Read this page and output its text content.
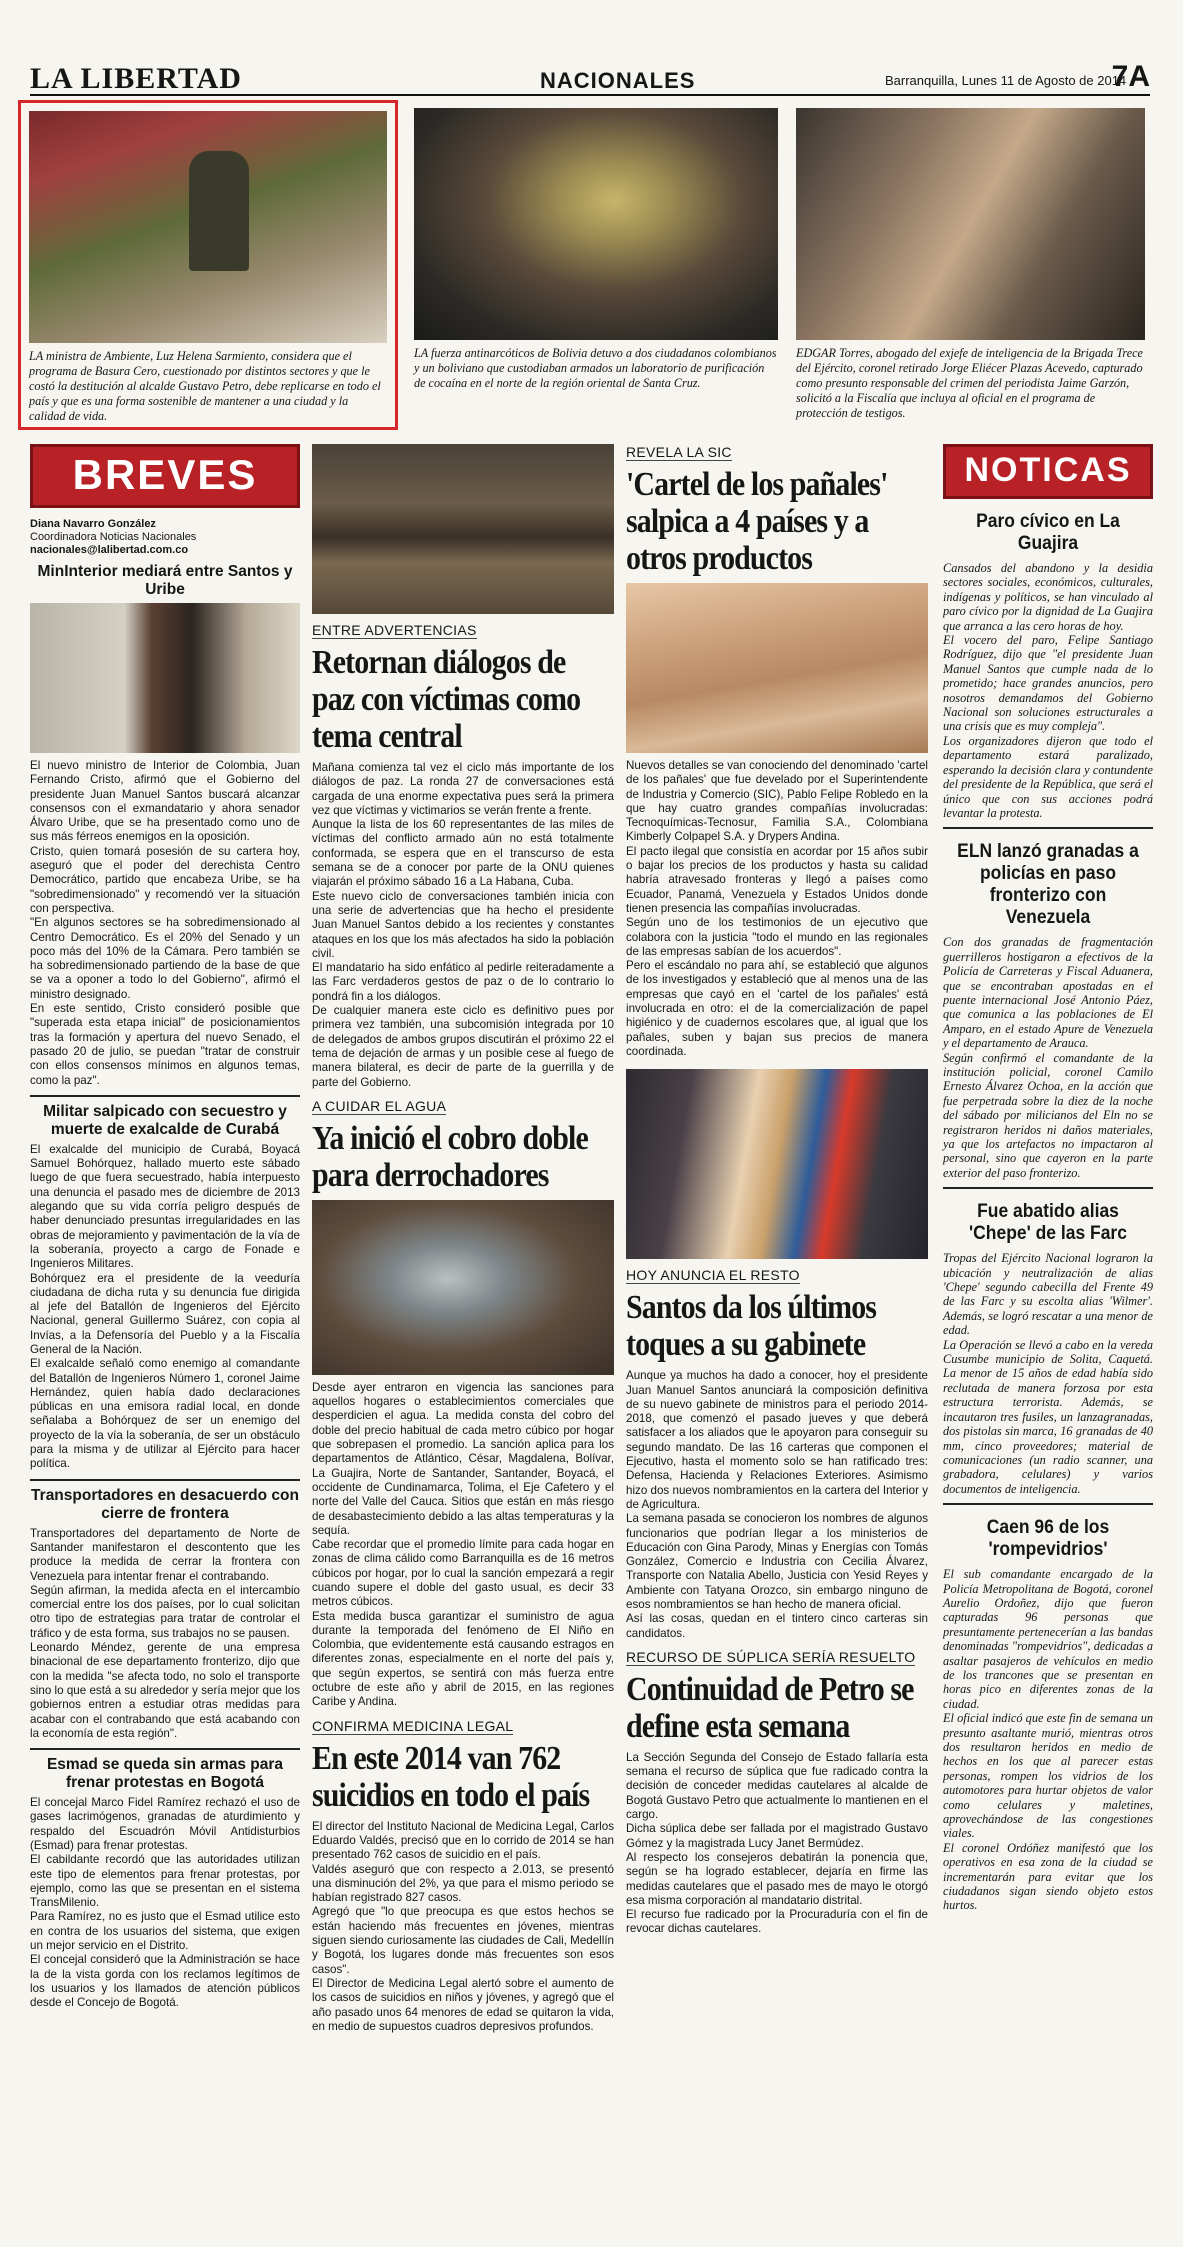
LA LIBERTAD	NACIONALES	Barranquilla, Lunes 11 de Agosto de 2014
7A
LA ministra de Ambiente, Luz Helena Sarmiento, considera que el programa de Basura Cero, cuestionado por distintos sectores y que le costó la destitución al alcalde Gustavo Petro, debe replicarse en todo el país y que es una forma sostenible de mantener a una ciudad y la calidad de vida.
LA fuerza antinarcóticos de Bolivia detuvo a dos ciudadanos colombianos y un boliviano que custodiaban armados un laboratorio de purificación de cocaína en el norte de la región oriental de Santa Cruz.
EDGAR Torres, abogado del exjefe de inteligencia de la Brigada Trece del Ejército, coronel retirado Jorge Eliécer Plazas Acevedo, capturado como presunto responsable del crimen del periodista Jaime Garzón, solicitó a la Fiscalía que incluya al oficial en el programa de protección de testigos.
BREVES
Diana Navarro González
Coordinadora Noticias Nacionales
nacionales@lalibertad.com.co
MinInterior mediará entre Santos y Uribe

El nuevo ministro de Interior de Colombia, Juan Fernando Cristo, afirmó que el Gobierno del presidente Juan Manuel Santos buscará alcanzar consensos con el exmandatario y ahora senador Álvaro Uribe, que se ha presentado como uno de sus más férreos enemigos en la oposición.

Cristo, quien tomará posesión de su cartera hoy, aseguró que el poder del derechista Centro Democrático, partido que encabeza Uribe, se ha "sobredimensionado" y recomendó ver la situación con perspectiva.

"En algunos sectores se ha sobredimensionado al Centro Democrático. Es el 20% del Senado y un poco más del 10% de la Cámara. Pero también se ha sobredimensionado partiendo de la base de que se va a oponer a todo lo del Gobierno", afirmó el ministro designado.

En este sentido, Cristo consideró posible que "superada esta etapa inicial" de posicionamientos tras la formación y apertura del nuevo Senado, el pasado 20 de julio, se puedan "tratar de construir con ellos consensos mínimos en algunos temas, como la paz".

Militar salpicado con secuestro y muerte de exalcalde de Curabá

El exalcalde del municipio de Curabá, Boyacá Samuel Bohórquez, hallado muerto este sábado luego de que fuera secuestrado, había interpuesto una denuncia el pasado mes de diciembre de 2013 alegando que su vida corría peligro después de haber denunciado presuntas irregularidades en las obras de mejoramiento y pavimentación de la vía de la soberanía, proyecto a cargo de Fonade e Ingenieros Militares.

Bohórquez era el presidente de la veeduría ciudadana de dicha ruta y su denuncia fue dirigida al jefe del Batallón de Ingenieros del Ejército Nacional, general Guillermo Suárez, con copia al Invías, a la Defensoría del Pueblo y a la Fiscalía General de la Nación.

El exalcalde señaló como enemigo al comandante del Batallón de Ingenieros Número 1, coronel Jaime Hernández, quien había dado declaraciones públicas en una emisora radial local, en donde señalaba a Bohórquez de ser un enemigo del proyecto de la vía la soberanía, de ser un obstáculo para la misma y de utilizar al Ejército para hacer política.

Transportadores en desacuerdo con cierre de frontera

Transportadores del departamento de Norte de Santander manifestaron el descontento que les produce la medida de cerrar la frontera con Venezuela para intentar frenar el contrabando.

Según afirman, la medida afecta en el intercambio comercial entre los dos países, por lo cual solicitan otro tipo de estrategias para tratar de controlar el tráfico y de esta forma, sus trabajos no se pausen.

Leonardo Méndez, gerente de una empresa binacional de ese departamento fronterizo, dijo que con la medida "se afecta todo, no solo el transporte sino lo que está a su alrededor y sería mejor que los gobiernos entren a estudiar otras medidas para acabar con el contrabando que está acabando con la economía de esta región".

Esmad se queda sin armas para frenar protestas en Bogotá

El concejal Marco Fidel Ramírez rechazó el uso de gases lacrimógenos, granadas de aturdimiento y respaldo del Escuadrón Móvil Antidisturbios (Esmad) para frenar protestas.

El cabildante recordó que las autoridades utilizan este tipo de elementos para frenar protestas, por ejemplo, como las que se presentan en el sistema TransMilenio.

Para Ramírez, no es justo que el Esmad utilice esto en contra de los usuarios del sistema, que exigen un mejor servicio en el Distrito.

El concejal consideró que la Administración se hace la de la vista gorda con los reclamos legítimos de los usuarios y los llamados de atención públicos desde el Concejo de Bogotá.

ENTRE ADVERTENCIAS
Retornan diálogos de paz con víctimas como tema central

Mañana comienza tal vez el ciclo más importante de los diálogos de paz. La ronda 27 de conversaciones está cargada de una enorme expectativa pues será la primera vez que víctimas y victimarios se verán frente a frente.

Aunque la lista de los 60 representantes de las miles de víctimas del conflicto armado aún no está totalmente conformada, se espera que en el transcurso de esta semana se de a conocer por parte de la ONU quienes viajarán el próximo sábado 16 a La Habana, Cuba.

Este nuevo ciclo de conversaciones también inicia con una serie de advertencias que ha hecho el presidente Juan Manuel Santos debido a los recientes y constantes ataques en los que los más afectados ha sido la población civil.

El mandatario ha sido enfático al pedirle reiteradamente a las Farc verdaderos gestos de paz o de lo contrario lo pondrá fin a los diálogos.

De cualquier manera este ciclo es definitivo pues por primera vez también, una subcomisión integrada por 10 de delegados de ambos grupos discutirán el próximo 22 el tema de dejación de armas y un posible cese al fuego de manera bilateral, es decir de parte de la guerrilla y de parte del Gobierno.

A CUIDAR EL AGUA
Ya inició el cobro doble para derrochadores

Desde ayer entraron en vigencia las sanciones para aquellos hogares o establecimientos comerciales que desperdicien el agua. La medida consta del cobro del doble del precio habitual de cada metro cúbico por hogar que sobrepasen el promedio. La sanción aplica para los departamentos de Atlántico, César, Magdalena, Bolívar, La Guajira, Norte de Santander, Santander, Boyacá, el occidente de Cundinamarca, Tolima, el Eje Cafetero y el norte del Valle del Cauca. Sitios que están en más riesgo de desabastecimiento debido a las altas temperaturas y la sequía.

Cabe recordar que el promedio límite para cada hogar en zonas de clima cálido como Barranquilla es de 16 metros cúbicos por hogar, por lo cual la sanción empezará a regir cuando supere el doble del gasto usual, es decir 33 metros cúbicos.

Esta medida busca garantizar el suministro de agua durante la temporada del fenómeno de El Niño en Colombia, que evidentemente está causando estragos en diferentes zonas, especialmente en el norte del país y, que según expertos, se sentirá con más fuerza entre octubre de este año y abril de 2015, en las regiones Caribe y Andina.

CONFIRMA MEDICINA LEGAL
En este 2014 van 762 suicidios en todo el país

El director del Instituto Nacional de Medicina Legal, Carlos Eduardo Valdés, precisó que en lo corrido de 2014 se han presentado 762 casos de suicidio en el país.

Valdés aseguró que con respecto a 2.013, se presentó una disminución del 2%, ya que para el mismo periodo se habían registrado 827 casos.

Agregó que "lo que preocupa es que estos hechos se están haciendo más frecuentes en jóvenes, mientras siguen siendo curiosamente las ciudades de Cali, Medellín y Bogotá, los lugares donde más frecuentes son esos casos".

El Director de Medicina Legal alertó sobre el aumento de los casos de suicidios en niños y jóvenes, y agregó que el año pasado unos 64 menores de edad se quitaron la vida, en medio de supuestos cuadros depresivos profundos.

REVELA LA SIC
'Cartel de los pañales' salpica a 4 países y a otros productos

Nuevos detalles se van conociendo del denominado 'cartel de los pañales' que fue develado por el Superintendente de Industria y Comercio (SIC), Pablo Felipe Robledo en la que hay cuatro grandes compañías involucradas: Tecnoquímicas-Tecnosur, Familia S.A., Colombiana Kimberly Colpapel S.A. y Drypers Andina.

El pacto ilegal que consistía en acordar por 15 años subir o bajar los precios de los productos y hasta su calidad habría atravesado fronteras y llegó a países como Ecuador, Panamá, Venezuela y Estados Unidos donde tienen presencia las compañías involucradas.

Según uno de los testimonios de un ejecutivo que colabora con la justicia "todo el mundo en las regionales de las empresas sabían de los acuerdos".

Pero el escándalo no para ahí, se estableció que algunos de los investigados y estableció que al menos una de las empresas que cayó en el 'cartel de los pañales' está involucrada en otro: el de la comercialización de papel higiénico y de cuadernos escolares que, al igual que los pañales, suben y bajan sus precios de manera coordinada.

HOY ANUNCIA EL RESTO
Santos da los últimos toques a su gabinete

Aunque ya muchos ha dado a conocer, hoy el presidente Juan Manuel Santos anunciará la composición definitiva de su nuevo gabinete de ministros para el periodo 2014-2018, que comenzó el pasado jueves y que deberá satisfacer a los aliados que le apoyaron para conseguir su segundo mandato. De las 16 carteras que componen el Ejecutivo, hasta el momento solo se han ratificado tres: Defensa, Hacienda y Relaciones Exteriores. Asimismo hizo dos nuevos nombramientos en la cartera del Interior y de Agricultura.

La semana pasada se conocieron los nombres de algunos funcionarios que podrían llegar a los ministerios de Educación con Gina Parody, Minas y Energías con Tomás González, Comercio e Industria con Cecilia Álvarez, Transporte con Natalia Abello, Justicia con Yesid Reyes y Ambiente con Tatyana Orozco, sin embargo ninguno de esos nombramientos se han hecho de manera oficial.

Así las cosas, quedan en el tintero cinco carteras sin candidatos.

RECURSO DE SÚPLICA SERÍA RESUELTO
Continuidad de Petro se define esta semana

La Sección Segunda del Consejo de Estado fallaría esta semana el recurso de súplica que fue radicado contra la decisión de conceder medidas cautelares al alcalde de Bogotá Gustavo Petro que actualmente lo mantienen en el cargo.

Dicha súplica debe ser fallada por el magistrado Gustavo Gómez y la magistrada Lucy Janet Bermúdez.

Al respecto los consejeros debatirán la ponencia que, según se ha logrado establecer, dejaría en firme las medidas cautelares que el pasado mes de mayo le otorgó esa misma corporación al mandatario distrital.

El recurso fue radicado por la Procuraduría con el fin de revocar dichas cautelares.

NOTICAS
Paro cívico en La Guajira

Cansados del abandono y la desidia sectores sociales, económicos, culturales, indígenas y políticos, se han vinculado al paro cívico por la dignidad de La Guajira que arranca a las cero horas de hoy.

El vocero del paro, Felipe Santiago Rodríguez, dijo que "el presidente Juan Manuel Santos que cumple nada de lo prometido; hace grandes anuncios, pero nosotros demandamos del Gobierno Nacional son soluciones estructurales a una crisis que es muy compleja".

Los organizadores dijeron que todo el departamento estará paralizado, esperando la decisión clara y contundente del presidente de la República, que será el único que con sus acciones podrá levantar la protesta.

ELN lanzó granadas a policías en paso fronterizo con Venezuela

Con dos granadas de fragmentación guerrilleros hostigaron a efectivos de la Policía de Carreteras y Fiscal Aduanera, que se encontraban apostadas en el puente internacional José Antonio Páez, que comunica a las poblaciones de El Amparo, en el estado Apure de Venezuela y el departamento de Arauca.

Según confirmó el comandante de la institución policial, coronel Camilo Ernesto Álvarez Ochoa, en la acción que fue perpetrada sobre la diez de la noche del sábado por milicianos del Eln no se registraron heridos ni daños materiales, ya que los artefactos no impactaron al personal, sino que cayeron en la parte exterior del paso fronterizo.

Fue abatido alias 'Chepe' de las Farc

Tropas del Ejército Nacional lograron la ubicación y neutralización de alias 'Chepe' segundo cabecilla del Frente 49 de las Farc y su escolta alias 'Wilmer'. Además, se logró rescatar a una menor de edad.

La Operación se llevó a cabo en la vereda Cusumbe municipio de Solita, Caquetá. La menor de 15 años de edad había sido reclutada de manera forzosa por esta estructura terrorista. Además, se incautaron tres fusiles, un lanzagranadas, dos pistolas sin marca, 16 granadas de 40 mm, cinco proveedores; material de comunicaciones (un radio scanner, una grabadora, celulares) y varios documentos de inteligencia.

Caen 96 de los 'rompevidrios'

El sub comandante encargado de la Policía Metropolitana de Bogotá, coronel Aurelio Ordoñez, dijo que fueron capturadas 96 personas que presuntamente pertenecerían a las bandas denominadas "rompevidrios", dedicadas a asaltar pasajeros de vehículos en medio de los trancones que se presentan en horas pico en diferentes zonas de la ciudad.

El oficial indicó que este fin de semana un presunto asaltante murió, mientras otros dos resultaron heridos en medio de hechos en los que al parecer estas personas, rompen los vidrios de los automotores para hurtar objetos de valor como celulares y maletines, aprovechándose de las congestiones viales.

El coronel Ordóñez manifestó que los operativos en esa zona de la ciudad se incrementarán para evitar que los ciudadanos sigan siendo objeto estos hurtos.
